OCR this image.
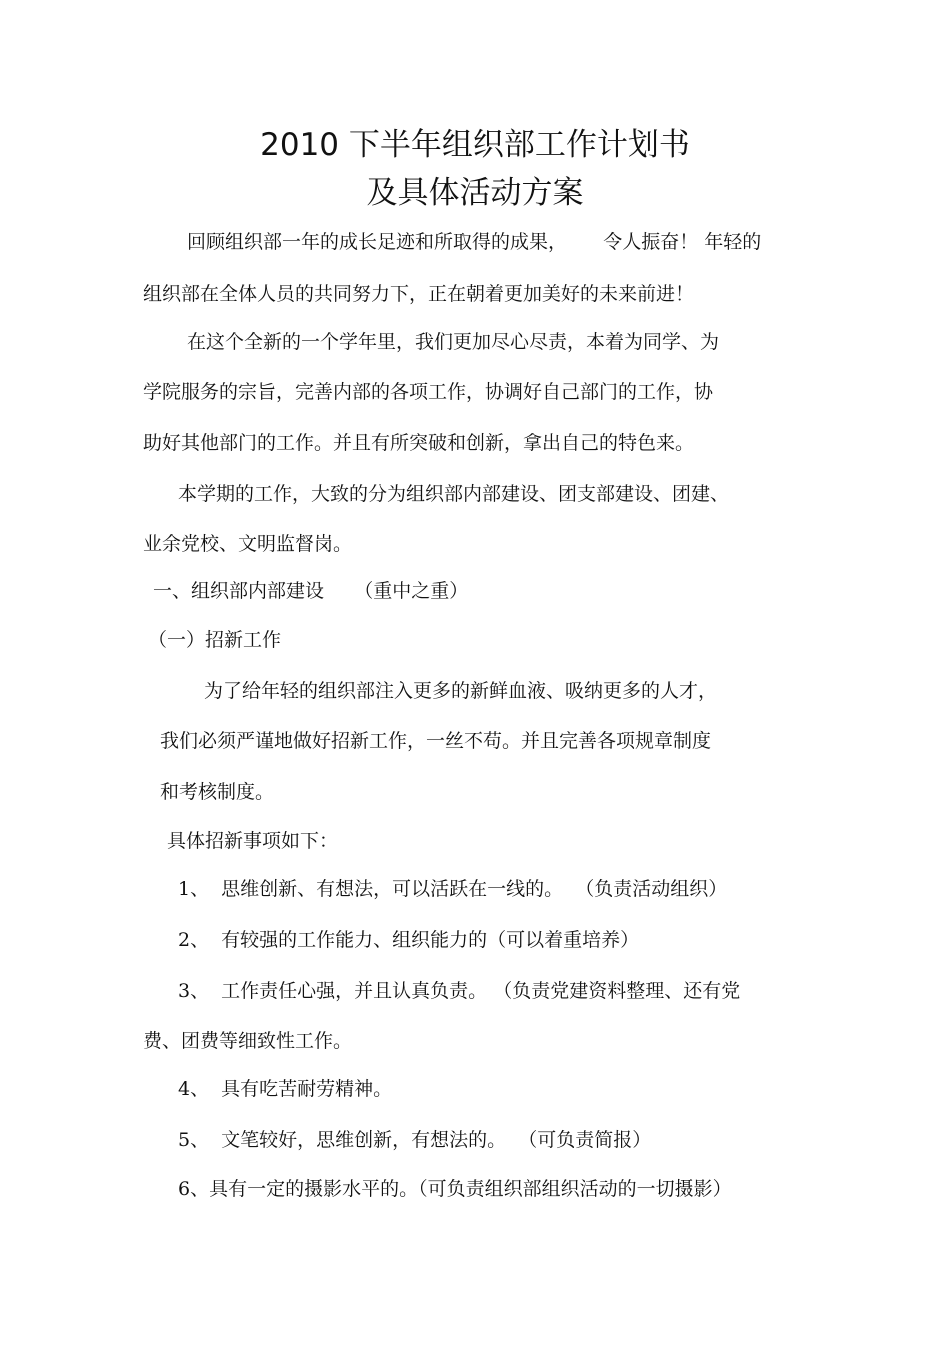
2010 下半年组织部工作计划书
及具体活动方案
回顾组织部一年的成长足迹和所取得的成果，      令人振奋！ 年轻的
组织部在全体人员的共同努力下，正在朝着更加美好的未来前进！
在这个全新的一个学年里，我们更加尽心尽责，本着为同学、为
学院服务的宗旨，完善内部的各项工作，协调好自己部门的工作，协
助好其他部门的工作。并且有所突破和创新，拿出自己的特色来。
本学期的工作，大致的分为组织部内部建设、团支部建设、团建、
业余党校、文明监督岗。
一、组织部内部建设     （重中之重）
（一）招新工作
为了给年轻的组织部注入更多的新鲜血液、吸纳更多的人才，
我们必须严谨地做好招新工作，一丝不苟。并且完善各项规章制度
和考核制度。
具体招新事项如下：
1、  思维创新、有想法，可以活跃在一线的。  （负责活动组织）
2、  有较强的工作能力、组织能力的（可以着重培养）
3、  工作责任心强，并且认真负责。 （负责党建资料整理、还有党
费、团费等细致性工作。
4、  具有吃苦耐劳精神。
5、  文笔较好，思维创新，有想法的。  （可负责简报）
6、具有一定的摄影水平的。（可负责组织部组织活动的一切摄影）
